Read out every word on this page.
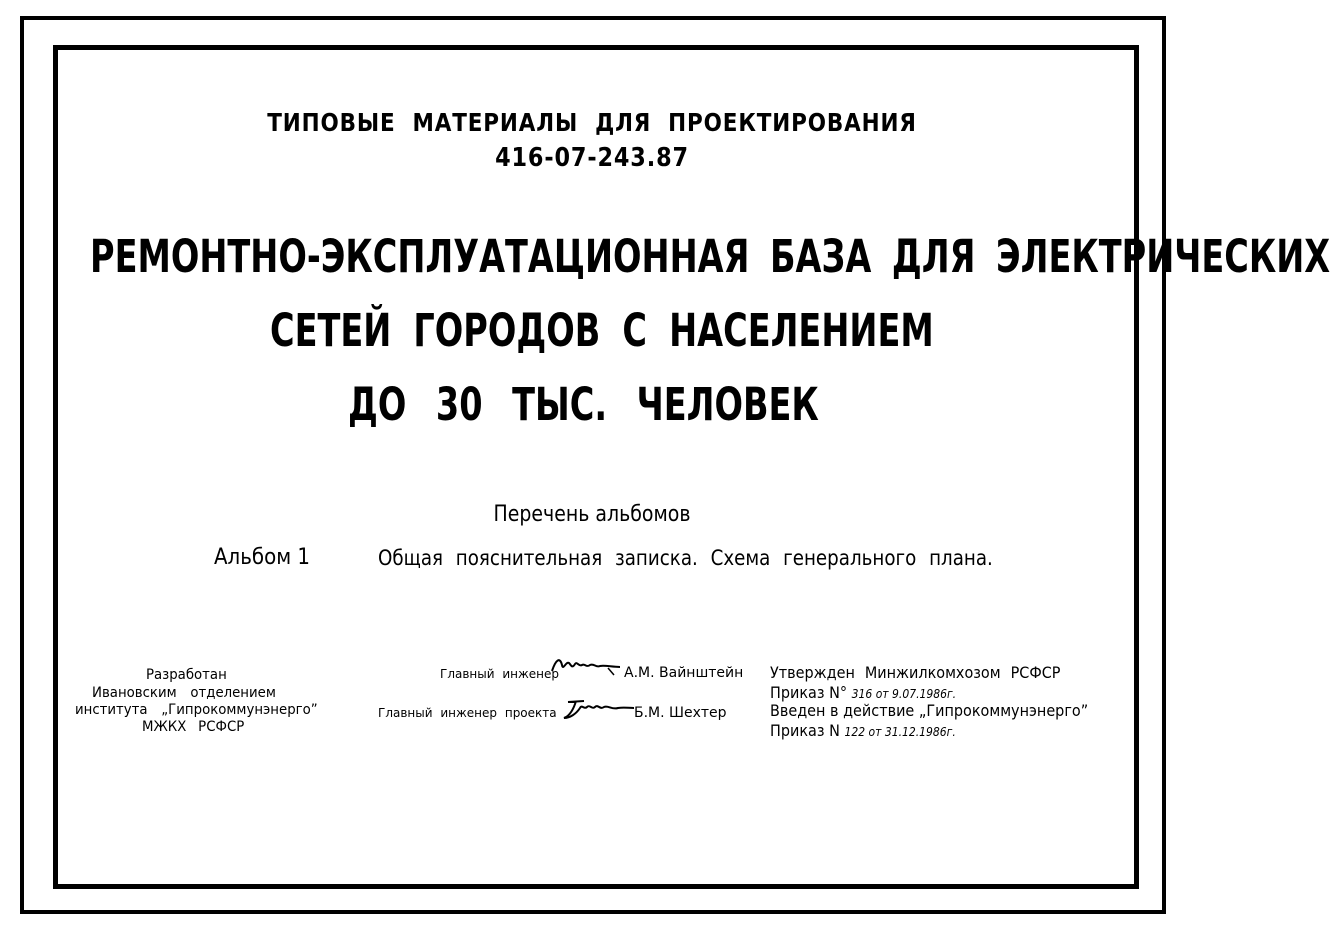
ТИПОВЫЕ МАТЕРИАЛЫ ДЛЯ ПРОЕКТИРОВАНИЯ
416-07-243.87
РЕМОНТНО-ЭКСПЛУАТАЦИОННАЯ БАЗА ДЛЯ ЭЛЕКТРИЧЕСКИХ
СЕТЕЙ ГОРОДОВ С НАСЕЛЕНИЕМ
ДО 30 ТЫС. ЧЕЛОВЕК
Перечень альбомов
Альбом 1	Общая пояснительная записка. Схема генерального плана.
Разработан
Ивановским отделением
института „Гипрокоммунэнерго”
МЖКХ РСФСР
Главный инженер	А.М. Вайнштейн
Главный инженер проекта	Б.М. Шехтер
Утвержден Минжилкомхозом РСФСР
Приказ N° 316 от 9.07.1986г.
Введен в действие „Гипрокоммунэнерго”
Приказ N 122 от 31.12.1986г.
